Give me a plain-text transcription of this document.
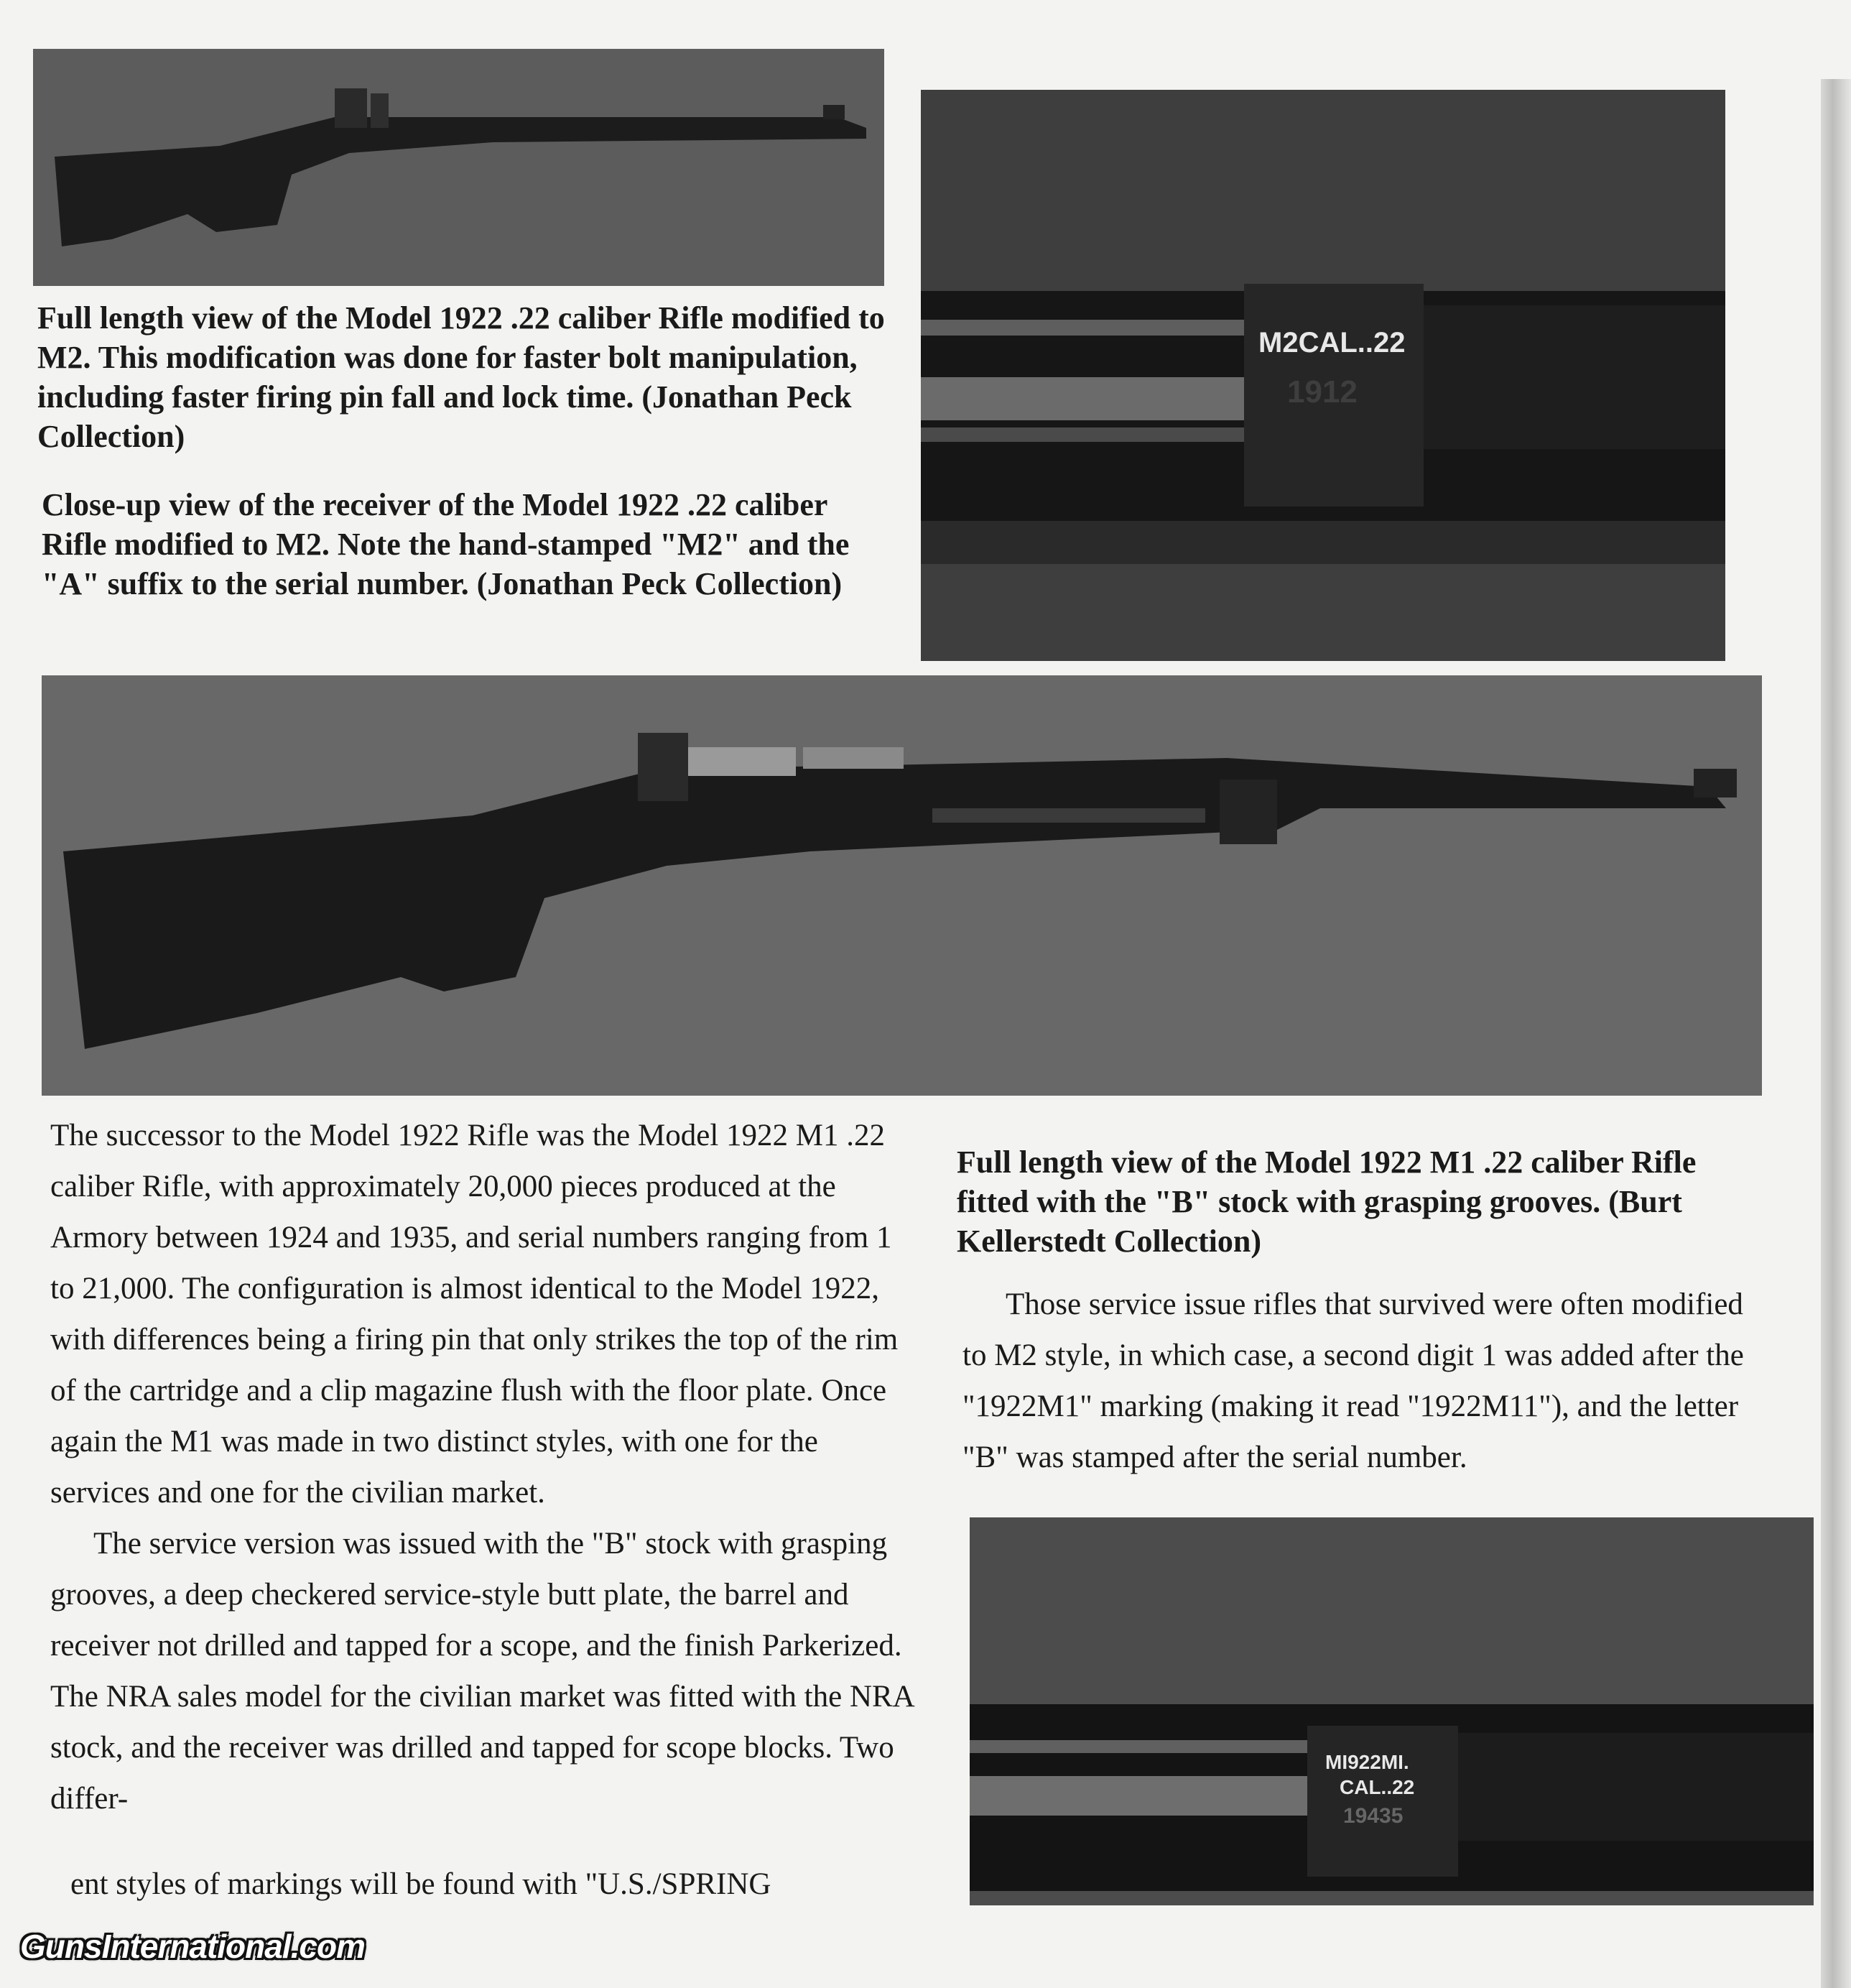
Full length view of the Model 1922 .22 caliber Rifle modified to M2. This modification was done for faster bolt manipulation, including faster firing pin fall and lock time. (Jonathan Peck Collection)

Close-up view of the receiver of the Model 1922 .22 caliber Rifle modified to M2. Note the hand-stamped "M2" and the "A" suffix to the serial number. (Jonathan Peck Collection)

M2CAL..22
1912

The successor to the Model 1922 Rifle was the Model 1922 M1 .22 caliber Rifle, with approximately 20,000 pieces produced at the Armory between 1924 and 1935, and serial numbers ranging from 1 to 21,000. The configuration is almost identical to the Model 1922, with differences being a firing pin that only strikes the top of the rim of the cartridge and a clip magazine flush with the floor plate. Once again the M1 was made in two distinct styles, with one for the services and one for the civilian market.

The service version was issued with the "B" stock with grasping grooves, a deep checkered service-style butt plate, the barrel and receiver not drilled and tapped for a scope, and the finish Parkerized. The NRA sales model for the civilian market was fitted with the NRA stock, and the receiver was drilled and tapped for scope blocks. Two differ-

ent styles of markings will be found with "U.S./SPRING

Full length view of the Model 1922 M1 .22 caliber Rifle fitted with the "B" stock with grasping grooves. (Burt Kellerstedt Collection)

Those service issue rifles that survived were often modified to M2 style, in which case, a second digit 1 was added after the "1922M1" marking (making it read "1922M11"), and the letter "B" was stamped after the serial number.

MI922MI.
CAL..22
19435
GunsInternational.com
